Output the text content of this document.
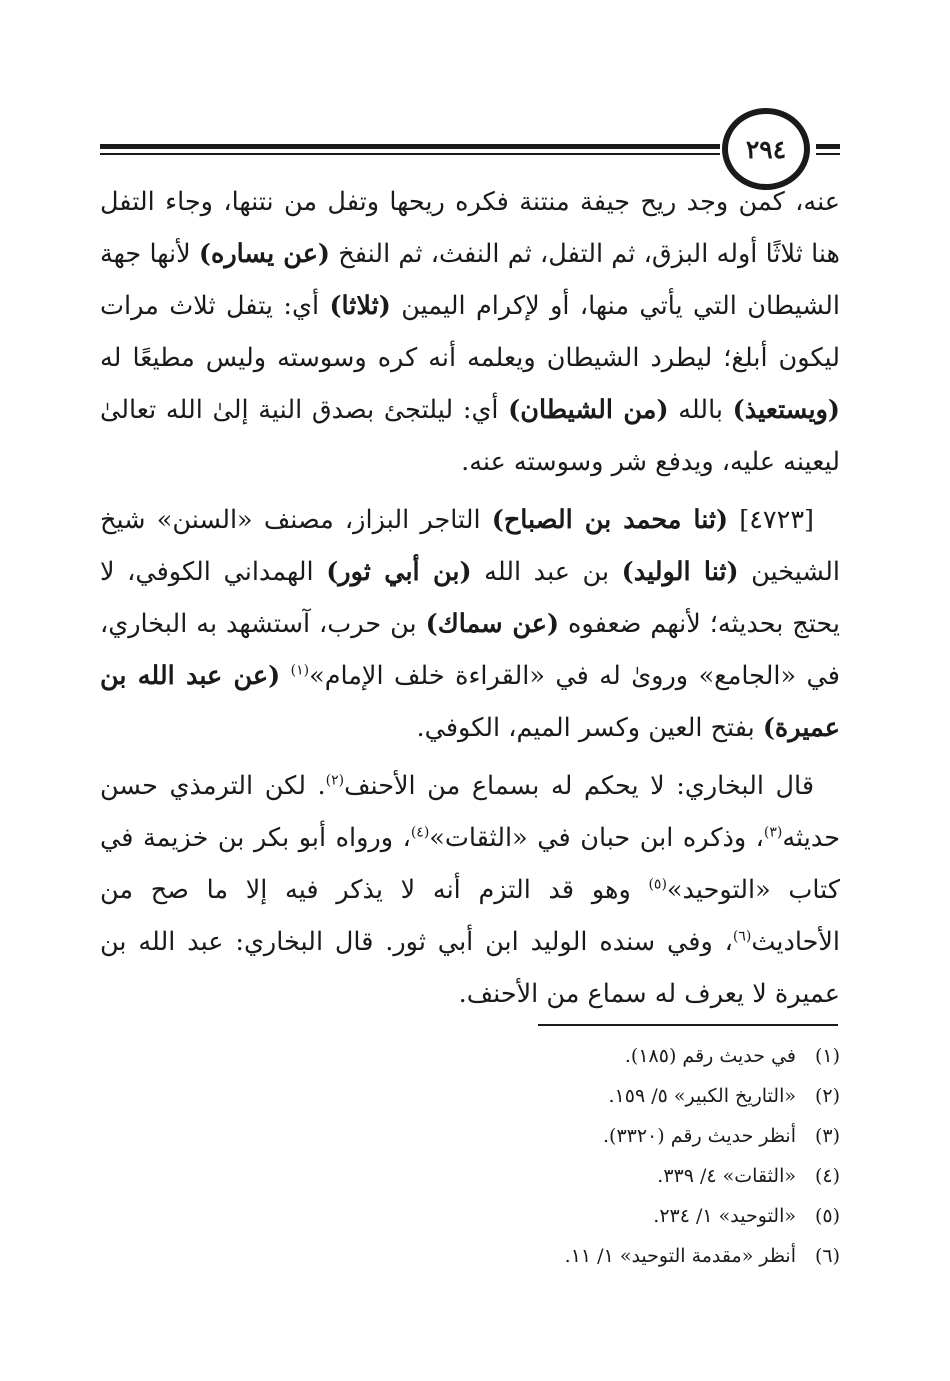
٢٩٤

عنه، كمن وجد ريح جيفة منتنة فكره ريحها وتفل من نتنها، وجاء التفل هنا ثلاثًا أوله البزق، ثم التفل، ثم النفث، ثم النفخ (عن يساره) لأنها جهة الشيطان التي يأتي منها، أو لإكرام اليمين (ثلاثا) أي: يتفل ثلاث مرات ليكون أبلغ؛ ليطرد الشيطان ويعلمه أنه كره وسوسته وليس مطيعًا له (ويستعيذ) بالله (من الشيطان) أي: ليلتجئ بصدق النية إلىٰ الله تعالىٰ ليعينه عليه، ويدفع شر وسوسته عنه.

[٤٧٢٣] (ثنا محمد بن الصباح) التاجر البزاز، مصنف «السنن» شيخ الشيخين (ثنا الوليد) بن عبد الله (بن أبي ثور) الهمداني الكوفي، لا يحتج بحديثه؛ لأنهم ضعفوه (عن سماك) بن حرب، آستشهد به البخاري، في «الجامع» وروىٰ له في «القراءة خلف الإمام»$^{(١)}$ (عن عبد الله بن عميرة) بفتح العين وكسر الميم، الكوفي.

قال البخاري: لا يحكم له بسماع من الأحنف$^{(٢)}$. لكن الترمذي حسن حديثه$^{(٣)}$، وذكره ابن حبان في «الثقات»$^{(٤)}$، ورواه أبو بكر بن خزيمة في كتاب «التوحيد»$^{(٥)}$ وهو قد التزم أنه لا يذكر فيه إلا ما صح من الأحاديث$^{(٦)}$، وفي سنده الوليد ابن أبي ثور. قال البخاري: عبد الله بن عميرة لا يعرف له سماع من الأحنف.

(١)
في حديث رقم (١٨٥).
(٢)
«التاريخ الكبير» ٥/ ١٥٩.
(٣)
أنظر حديث رقم (٣٣٢٠).
(٤)
«الثقات» ٤/ ٣٣٩.
(٥)
«التوحيد» ١/ ٢٣٤.
(٦)
أنظر «مقدمة التوحيد» ١/ ١١.
